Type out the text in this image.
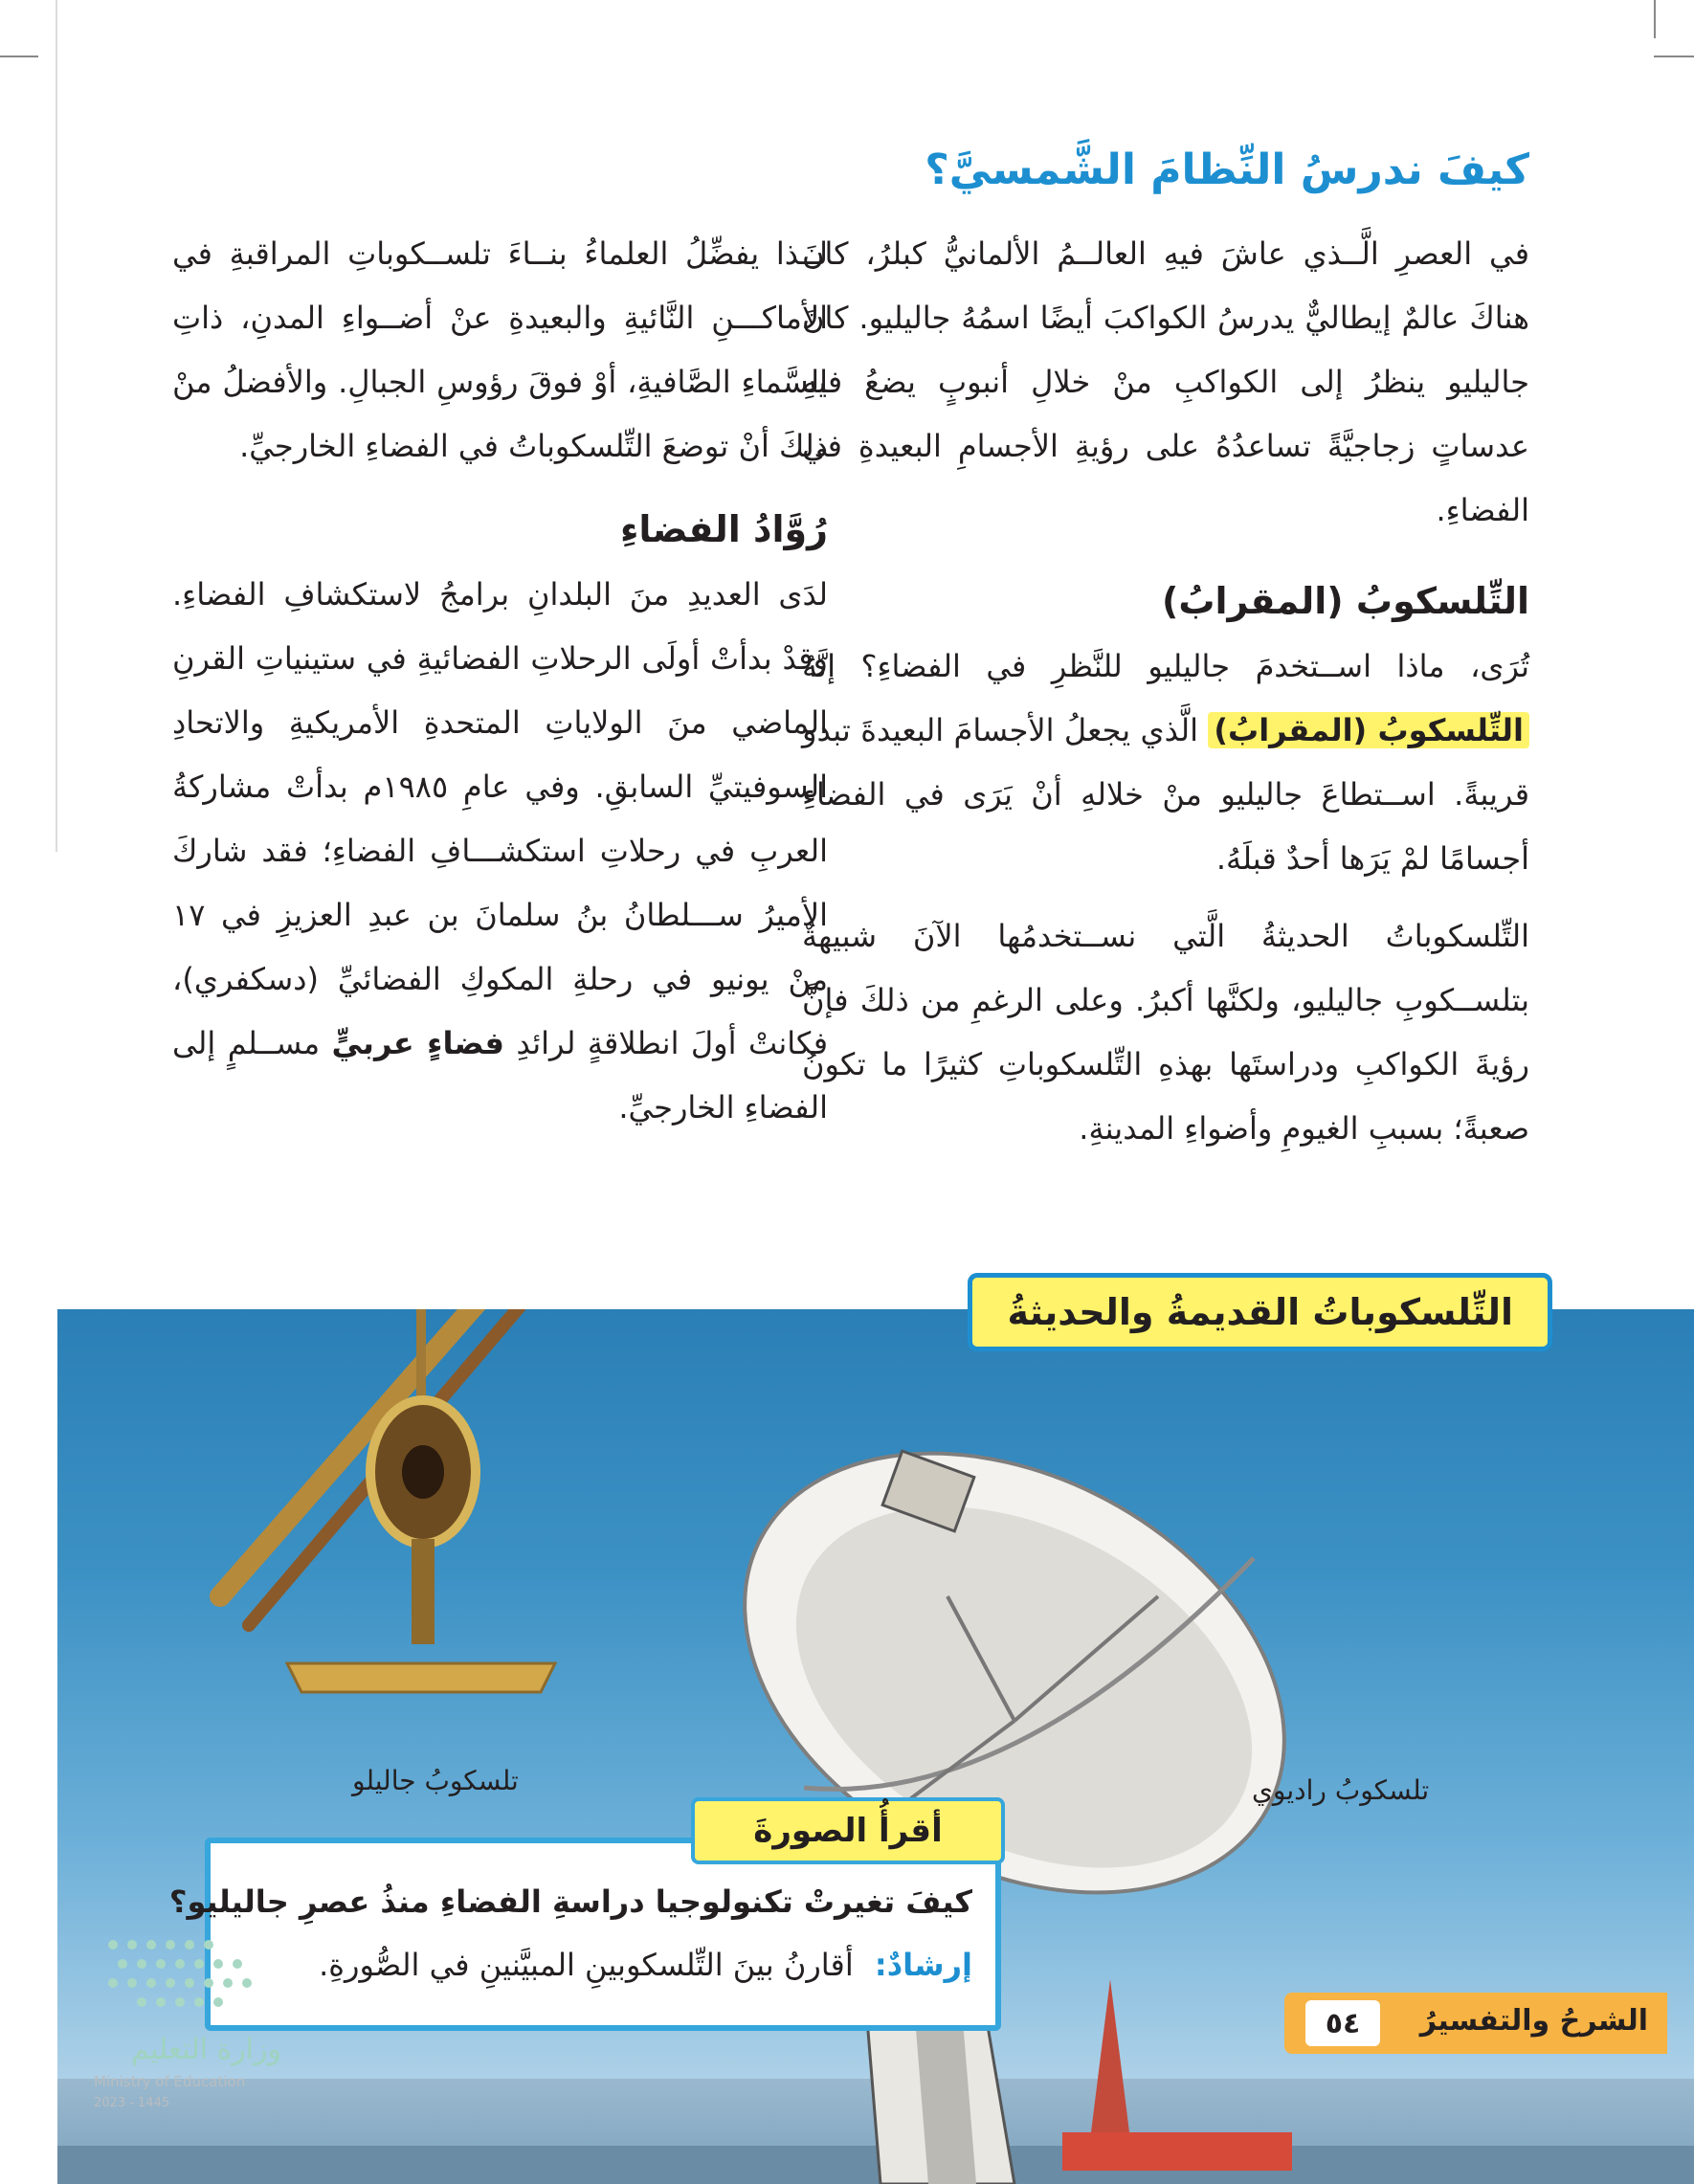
كيفَ ندرسُ النِّظامَ الشَّمسيَّ؟

في العصرِ الَّــذي عاشَ فيهِ العالــمُ الألمانيُّ كبلرُ، كانَ هناكَ عالمٌ إيطاليٌّ يدرسُ الكواكبَ أيضًا اسمُهُ جاليليو. كانَ جاليليو ينظرُ إلى الكواكبِ منْ خلالِ أنبوبٍ يضعُ فيهِ عدساتٍ زجاجيَّةً تساعدُهُ على رؤيةِ الأجسامِ البعيدةِ في الفضاءِ.

التِّلسكوبُ (المقرابُ)

تُرَى، ماذا اســتخدمَ جاليليو للنَّظرِ في الفضاءِ؟ إنَّهُ التِّلسكوبُ (المقرابُ) الَّذي يجعلُ الأجسامَ البعيدةَ تبدو قريبةً. اســتطاعَ جاليليو منْ خلالهِ أنْ يَرَى في الفضاءِ أجسامًا لمْ يَرَها أحدٌ قبلَهُ.

التِّلسكوباتُ الحديثةُ الَّتي نســتخدمُها الآنَ شبيهةٌ بتلســكوبِ جاليليو، ولكنَّها أكبرُ. وعلى الرغمِ من ذلكَ فإنَّ رؤيةَ الكواكبِ ودراستَها بهذهِ التِّلسكوباتِ كثيرًا ما تكونُ صعبةً؛ بسببِ الغيومِ وأضواءِ المدينةِ.

لــذا يفضِّلُ العلماءُ بنــاءَ تلســكوباتِ المراقبةِ في الأماكـــنِ النَّائيةِ والبعيدةِ عنْ أضــواءِ المدنِ، ذاتِ السَّماءِ الصَّافيةِ، أوْ فوقَ رؤوسِ الجبالِ. والأفضلُ منْ ذلكَ أنْ توضعَ التِّلسكوباتُ في الفضاءِ الخارجيِّ.

رُوَّادُ الفضاءِ

لدَى العديدِ منَ البلدانِ برامجُ لاستكشافِ الفضاءِ. وقدْ بدأتْ أولَى الرحلاتِ الفضائيةِ في ستينياتِ القرنِ الماضي منَ الولاياتِ المتحدةِ الأمريكيةِ والاتحادِ السوفيتيِّ السابقِ. وفي عامِ ١٩٨٥م بدأتْ مشاركةُ العربِ في رحلاتِ استكشـــافِ الفضاءِ؛ فقد شاركَ الأميرُ ســـلطانُ بنُ سلمانَ بن عبدِ العزيزِ في ١٧ منْ يونيو في رحلةِ المكوكِ الفضائيِّ (دسكفري)، فكانتْ أولَ انطلاقةٍ لرائدِ فضاءٍ عربيٍّ مســلمٍ إلى الفضاءِ الخارجيِّ.

التِّلسكوباتُ القديمةُ والحديثةُ
تلسكوبُ جاليلو	تلسكوبُ راديوي
كيفَ تغيرتْ تكنولوجيا دراسةِ الفضاءِ منذُ عصرِ جاليليو؟
إرشادٌ: أقارنُ بينَ التِّلسكوبينِ المبيَّنينِ في الصُّورةِ.
أقرأُ الصورةَ
الشرحُ والتفسيرُ
٥٤
وزارة التعليم
Ministry of Education
2023 - 1445
